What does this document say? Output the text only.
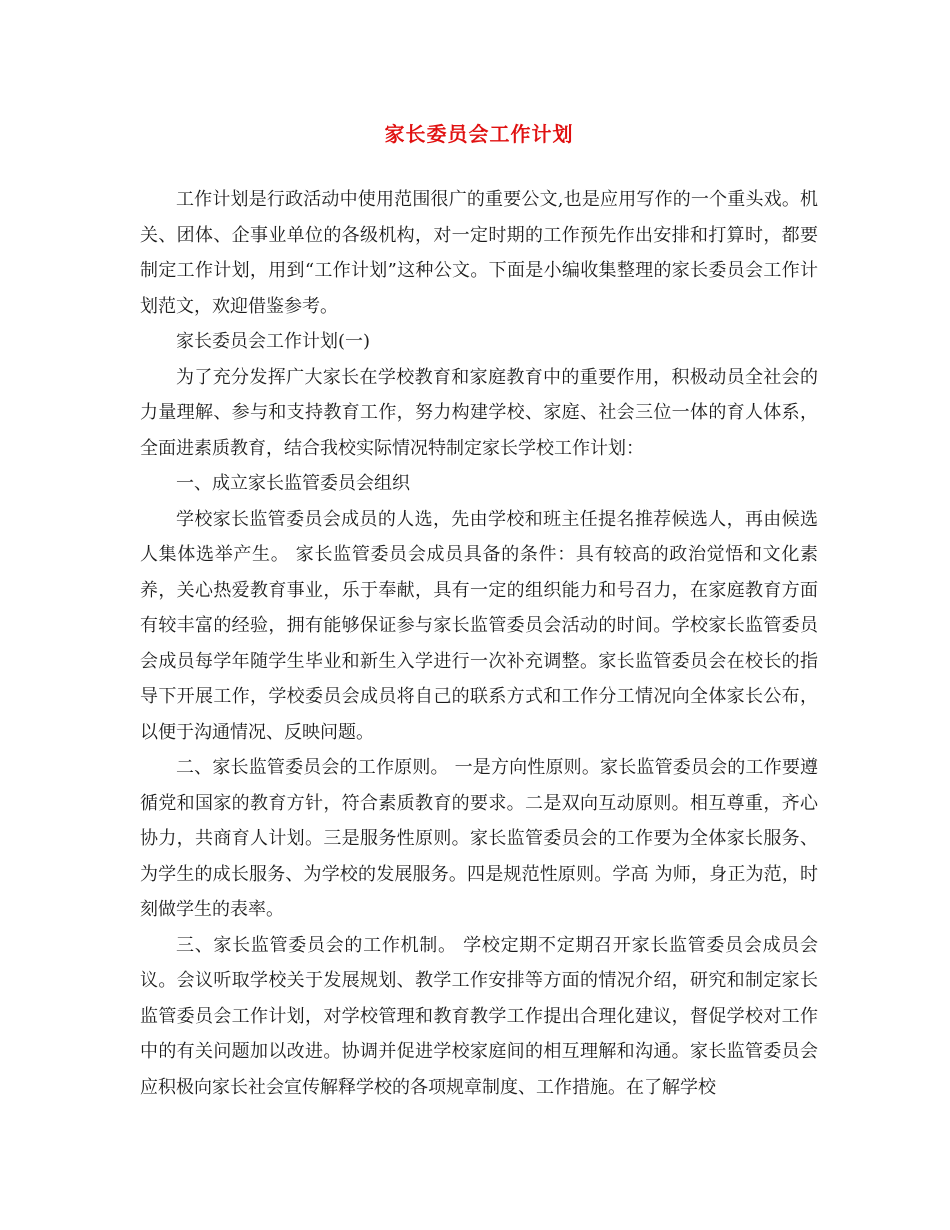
家长委员会工作计划

工作计划是行政活动中使用范围很广的重要公文,也是应用写作的一个重头戏。机关、团体、企事业单位的各级机构，对一定时期的工作预先作出安排和打算时，都要制定工作计划，用到“工作计划”这种公文。下面是小编收集整理的家长委员会工作计划范文，欢迎借鉴参考。

家长委员会工作计划(一)

为了充分发挥广大家长在学校教育和家庭教育中的重要作用，积极动员全社会的力量理解、参与和支持教育工作，努力构建学校、家庭、社会三位一体的育人体系，全面进素质教育，结合我校实际情况特制定家长学校工作计划：

一、成立家长监管委员会组织

学校家长监管委员会成员的人选，先由学校和班主任提名推荐候选人，再由候选人集体选举产生。 家长监管委员会成员具备的条件：具有较高的政治觉悟和文化素养，关心热爱教育事业，乐于奉献，具有一定的组织能力和号召力，在家庭教育方面有较丰富的经验，拥有能够保证参与家长监管委员会活动的时间。学校家长监管委员会成员每学年随学生毕业和新生入学进行一次补充调整。家长监管委员会在校长的指导下开展工作，学校委员会成员将自己的联系方式和工作分工情况向全体家长公布，以便于沟通情况、反映问题。

二、家长监管委员会的工作原则。 一是方向性原则。家长监管委员会的工作要遵循党和国家的教育方针，符合素质教育的要求。二是双向互动原则。相互尊重，齐心协力，共商育人计划。三是服务性原则。家长监管委员会的工作要为全体家长服务、为学生的成长服务、为学校的发展服务。四是规范性原则。学高 为师，身正为范，时刻做学生的表率。

三、家长监管委员会的工作机制。 学校定期不定期召开家长监管委员会成员会议。会议听取学校关于发展规划、教学工作安排等方面的情况介绍，研究和制定家长监管委员会工作计划，对学校管理和教育教学工作提出合理化建议，督促学校对工作中的有关问题加以改进。协调并促进学校家庭间的相互理解和沟通。家长监管委员会应积极向家长社会宣传解释学校的各项规章制度、工作措施。在了解学校
